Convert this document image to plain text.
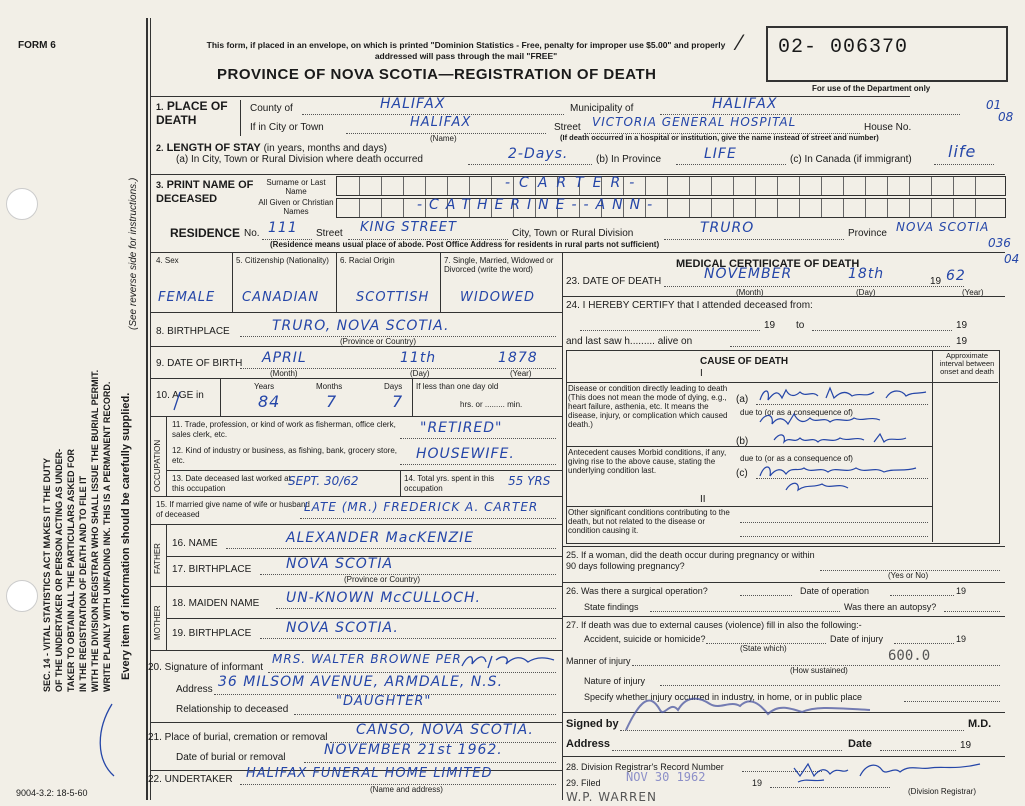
FORM 6
SEC. 14 - VITAL STATISTICS ACT MAKES IT THE DUTY OF THE UNDERTAKER OR PERSON ACTING AS UNDER- TAKER TO OBTAIN ALL THE PARTICULARS ASKED FOR IN THE REGISTRATION OF DEATH AND TO FILE IT WITH THE DIVISION REGISTRAR WHO SHALL ISSUE THE BURIAL PERMIT. WRITE PLAINLY WITH UNFADING INK. THIS IS A PERMANENT RECORD. Every item of information should be carefully supplied.
(See reverse side for instructions.)
This form, if placed in an envelope, on which is printed "Dominion Statistics - Free, penalty for improper use $5.00" and properly addressed will pass through the mail "FREE"
PROVINCE OF NOVA SCOTIA—REGISTRATION OF DEATH
02- 006370
⁄
For use of the Department only
01
08
1. PLACE OF DEATH
County of	HALIFAX	Municipality of	HALIFAX
If in City or Town	HALIFAX
(Name)
Street VICTORIA GENERAL HOSPITAL	House No.
(If death occurred in a hospital or institution, give the name instead of street and number)
2. LENGTH OF STAY (in years, months and days)
(a) In City, Town or Rural Division where death occurred	2-Days.	(b) In Province	LIFE	(c) In Canada (if immigrant) life
3. PRINT NAME OF DECEASED
Surname or Last Name
All Given or Christian Names
-CARTER-
-CATHERINE--ANN-
RESIDENCE No. 111 Street KING STREET	City, Town or Rural Division	TRURO	Province NOVA SCOTIA
(Residence means usual place of abode. Post Office Address for residents in rural parts not sufficient)	036
04
4. Sex	5. Citizenship (Nationality)	6. Racial Origin	7. Single, Married, Widowed or Divorced (write the word)
FEMALE CANADIAN	SCOTTISH WIDOWED
8. BIRTHPLACE	TRURO, NOVA SCOTIA.
(Province or Country)
9. DATE OF BIRTH APRIL	11th	1878
(Month)	(Day)	(Year)
10. AGE in
Years	Months	Days
84	7	7
If less than one day old
hrs. or ......... min.
OCCUPATION
11. Trade, profession, or kind of work as fisherman, office clerk, sales clerk, etc.	"RETIRED"
12. Kind of industry or business, as fishing, bank, grocery store, etc.	HOUSEWIFE.
13. Date deceased last worked at this occupation
SEPT. 30/62	14. Total yrs. spent in this occupation
55 YRS
15. If married give name of wife or husband of deceased
LATE (MR.) FREDERICK A. CARTER
FATHER 16. NAME	ALEXANDER MacKENZIE
17. BIRTHPLACE NOVA SCOTIA
(Province or Country)
MOTHER
18. MAIDEN NAME UN-KNOWN McCULLOCH.
19. BIRTHPLACE NOVA SCOTIA.
20. Signature of informant
MRS. WALTER BROWNE PER
Address 36 MILSOM AVENUE, ARMDALE, N.S.
Relationship to deceased
"DAUGHTER"
21. Place of burial, cremation or removal CANSO, NOVA SCOTIA.
Date of burial or removal	NOVEMBER 21st 1962.
22. UNDERTAKER HALIFAX FUNERAL HOME LIMITED
(Name and address)
9004-3.2: 18-5-60	W.P. WARREN
MEDICAL CERTIFICATE OF DEATH
23. DATE OF DEATH	NOVEMBER	18th	19 62
(Month)	(Day)	(Year)
24. I HEREBY CERTIFY that I attended deceased from:
19 to	19
and last saw h......... alive on	19
CAUSE OF DEATH
Approximate interval between onset and death
I
Disease or condition directly leading to death (This does not mean the mode of dying, e.g., heart failure, asthenia, etc. It means the disease, injury, or complication which caused death.)
(a)
due to (or as a consequence of)
Antecedent causes Morbid conditions, if any, giving rise to the above cause, stating the underlying condition last.
(b)
due to (or as a consequence of)
(c)
II
Other significant conditions contributing to the death, but not related to the disease or condition causing it.
25. If a woman, did the death occur during pregnancy or within 90 days following pregnancy?
(Yes or No)
26. Was there a surgical operation?	Date of operation	19
State findings	Was there an autopsy?
27. If death was due to external causes (violence) fill in also the following:-
Accident, suicide or homicide?	Date of injury	19
(State which)
Manner of injury	600.0
(How sustained)
Nature of injury
Specify whether injury occurred in industry, in home, or in public place
Signed by	M.D.
Address	Date	19
28. Division Registrar's Record Number
29. Filed NOV 30 1962	19
(Division Registrar)
